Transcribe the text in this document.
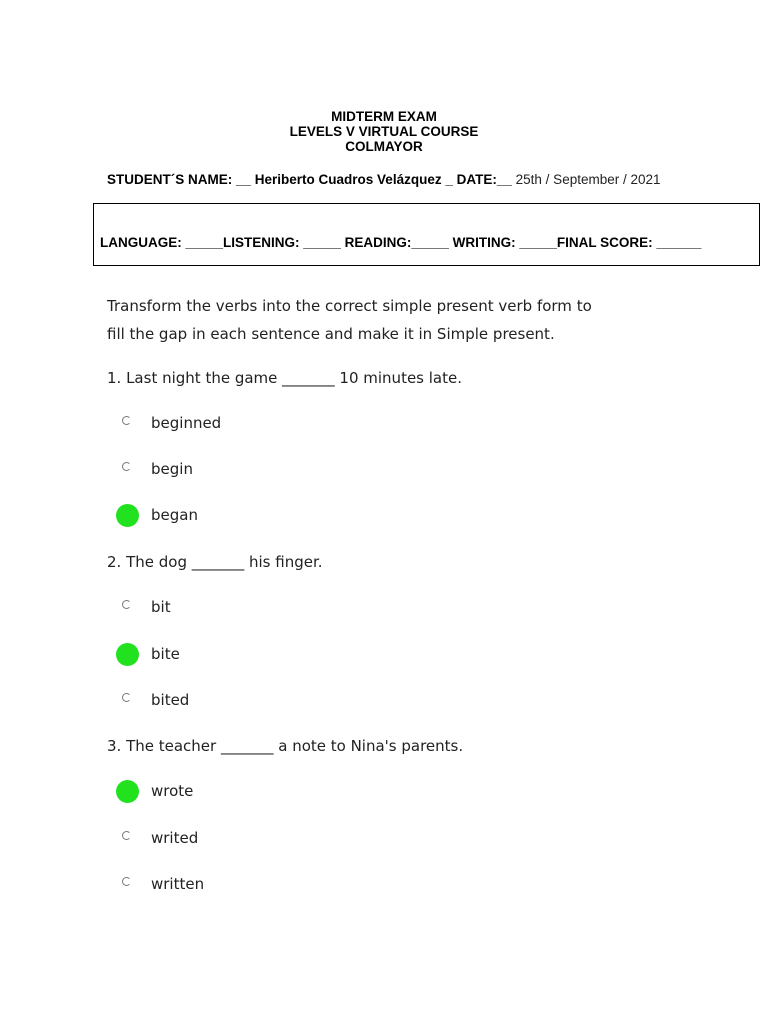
MIDTERM EXAM
LEVELS V VIRTUAL COURSE
COLMAYOR
STUDENT´S NAME: __ Heriberto Cuadros Velázquez _ DATE:__ 25th / September / 2021
LANGUAGE: _____LISTENING: _____ READING:_____ WRITING: _____FINAL SCORE: ______
Transform the verbs into the correct simple present verb form to
fill the gap in each sentence and make it in Simple present.
1. Last night the game _______ 10 minutes late.
beginned
begin
began
2. The dog _______ his finger.
bit
bite
bited
3. The teacher _______ a note to Nina's parents.
wrote
writed
written
